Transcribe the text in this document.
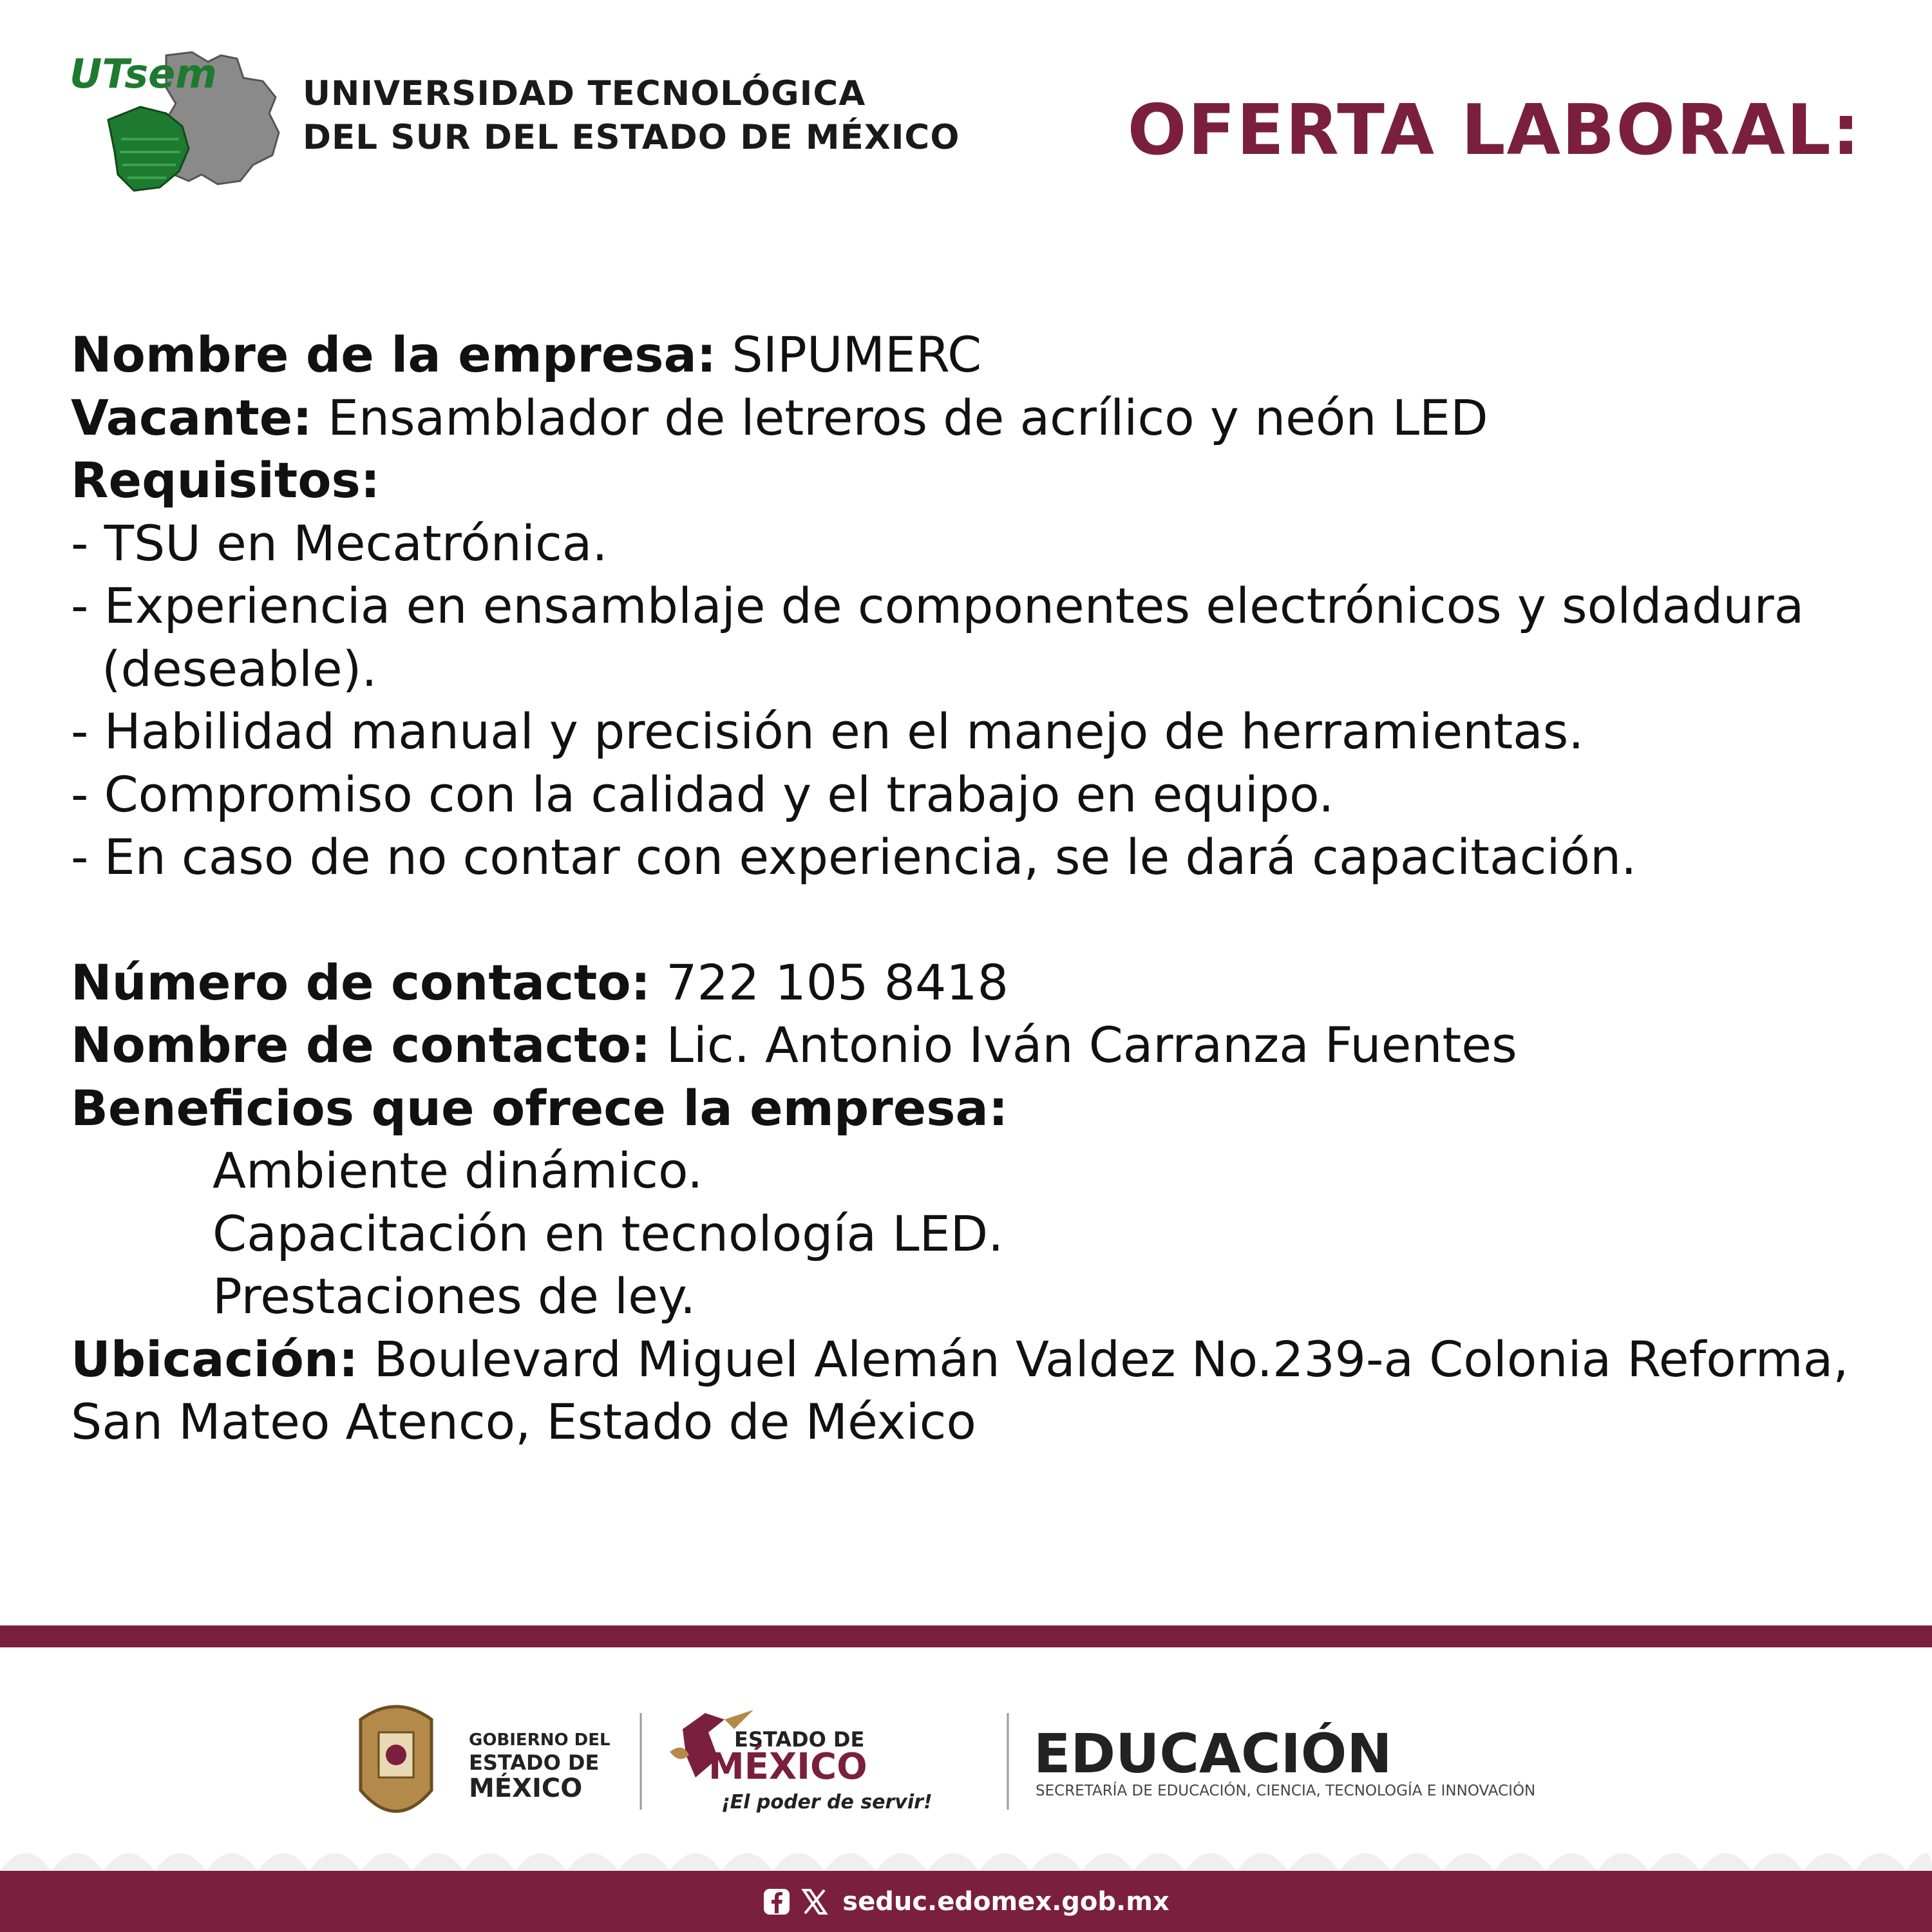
UTsem	UNIVERSIDAD TECNOLÓGICA
DEL SUR DEL ESTADO DE MÉXICO OFERTA LABORAL:
Nombre de la empresa: SIPUMERC
Vacante: Ensamblador de letreros de acrílico y neón LED
Requisitos:
- TSU en Mecatrónica.
- Experiencia en ensamblaje de componentes electrónicos y soldadura
(deseable).
- Habilidad manual y precisión en el manejo de herramientas.
- Compromiso con la calidad y el trabajo en equipo.
- En caso de no contar con experiencia, se le dará capacitación.
Número de contacto: 722 105 8418
Nombre de contacto: Lic. Antonio Iván Carranza Fuentes
Beneficios que ofrece la empresa:
Ambiente dinámico.
Capacitación en tecnología LED.
Prestaciones de ley.
Ubicación: Boulevard Miguel Alemán Valdez No.239-a Colonia Reforma,
San Mateo Atenco, Estado de México
GOBIERNO DEL
ESTADO DE
MÉXICO
ESTADO DE
MÉXICO
¡El poder de servir!
EDUCACIÓN
SECRETARÍA DE EDUCACIÓN, CIENCIA, TECNOLOGÍA E INNOVACIÓN
seduc.edomex.gob.mx
